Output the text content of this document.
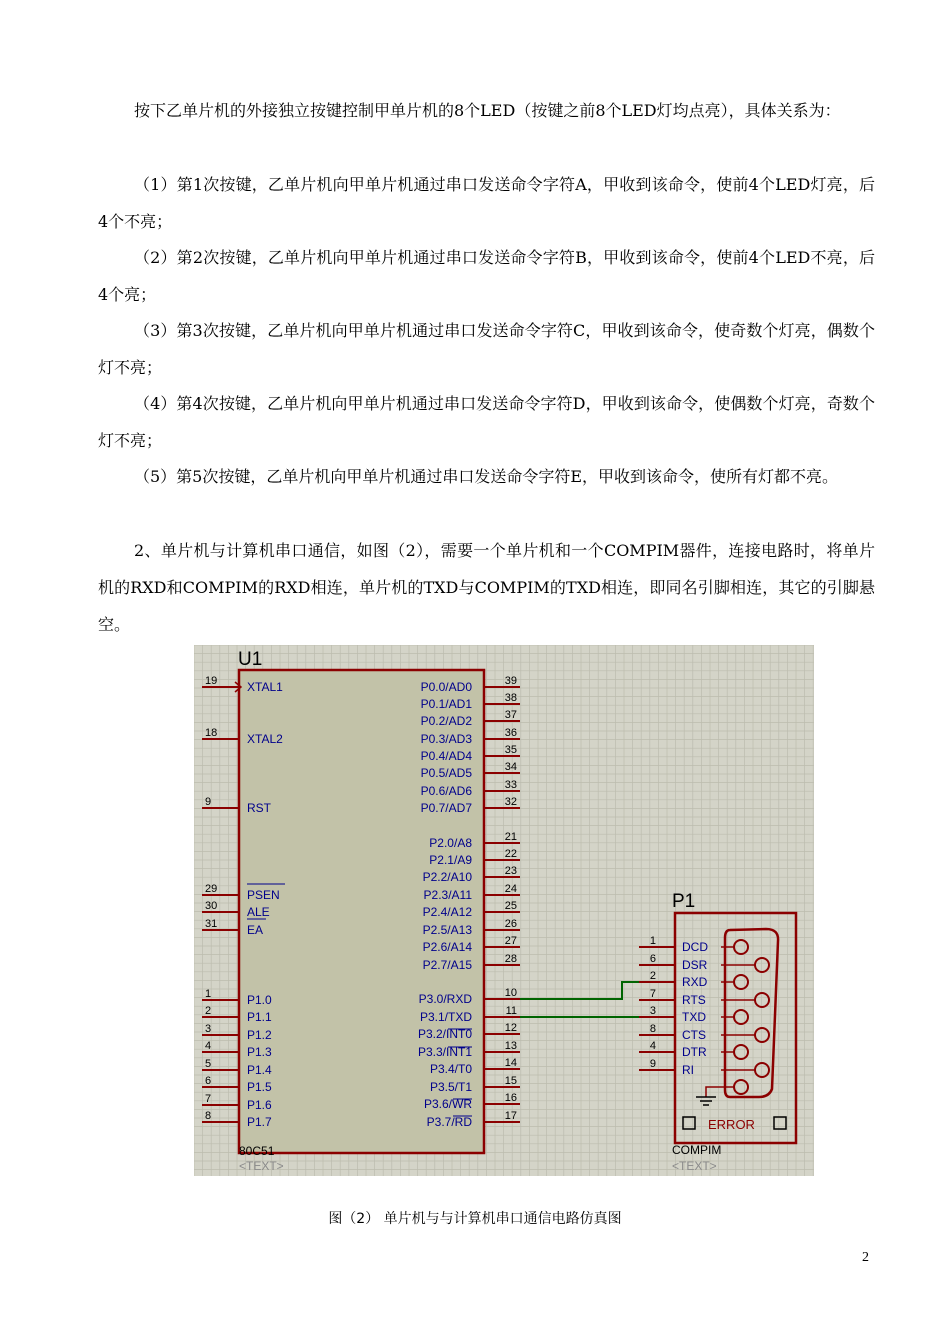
按下乙单片机的外接独立按键控制甲单片机的8个LED（按键之前8个LED灯均点亮），具体关系为：

（1）第1次按键，乙单片机向甲单片机通过串口发送命令字符A，甲收到该命令，使前4个LED灯亮，后4个不亮；

（2）第2次按键，乙单片机向甲单片机通过串口发送命令字符B，甲收到该命令，使前4个LED不亮，后4个亮；

（3）第3次按键，乙单片机向甲单片机通过串口发送命令字符C，甲收到该命令，使奇数个灯亮，偶数个灯不亮；

（4）第4次按键，乙单片机向甲单片机通过串口发送命令字符D，甲收到该命令，使偶数个灯亮，奇数个灯不亮；

（5）第5次按键，乙单片机向甲单片机通过串口发送命令字符E，甲收到该命令，使所有灯都不亮。

2、单片机与计算机串口通信，如图（2），需要一个单片机和一个COMPIM器件，连接电路时，将单片机的RXD和COMPIM的RXD相连，单片机的TXD与COMPIM的TXD相连，即同名引脚相连，其它的引脚悬空。

U1
80C51
<TEXT>
19 XTAL1
18 XTAL2
9	RST
29 PSEN
30 ALE
31 EA
1	P1.0
2	P1.1
3	P1.2
4	P1.3
5	P1.4
6	P1.5
7	P1.6
8	P1.7
39
P0.0/AD0
38
P0.1/AD1
37
P0.2/AD2
36
P0.3/AD3
35
P0.4/AD4
34
P0.5/AD5
33
P0.6/AD6
32
P0.7/AD7
21
P2.0/A8
22
P2.1/A9
23
P2.2/A10
24
P2.3/A11
25
P2.4/A12
26
P2.5/A13
27
P2.6/A14
28
P2.7/A15
10
P3.0/RXD
11
P3.1/TXD
12
P3.2/INT0
13
P3.3/INT1
14
P3.4/T0
15
P3.5/T1
16
P3.6/WR
17
P3.7/RD
P1
COMPIM
<TEXT>
1 DCD
6 DSR
2 RXD
7 RTS
3 TXD
8 CTS
4 DTR
9 RI
ERROR
图（2） 单片机与与计算机串口通信电路仿真图
2
